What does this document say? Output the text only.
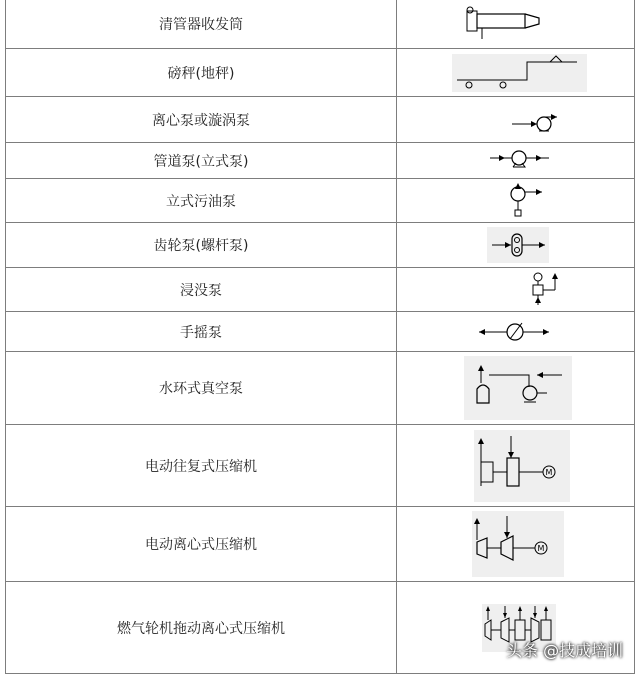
清管器收发筒	

磅秤(地秤)	

离心泵或漩涡泵	

管道泵(立式泵)	

立式污油泵	

齿轮泵(螺杆泵)	

浸没泵	

手摇泵	

水环式真空泵	

电动往复式压缩机	M

电动离心式压缩机	M

燃气轮机拖动离心式压缩机	
头条 @技成培训
